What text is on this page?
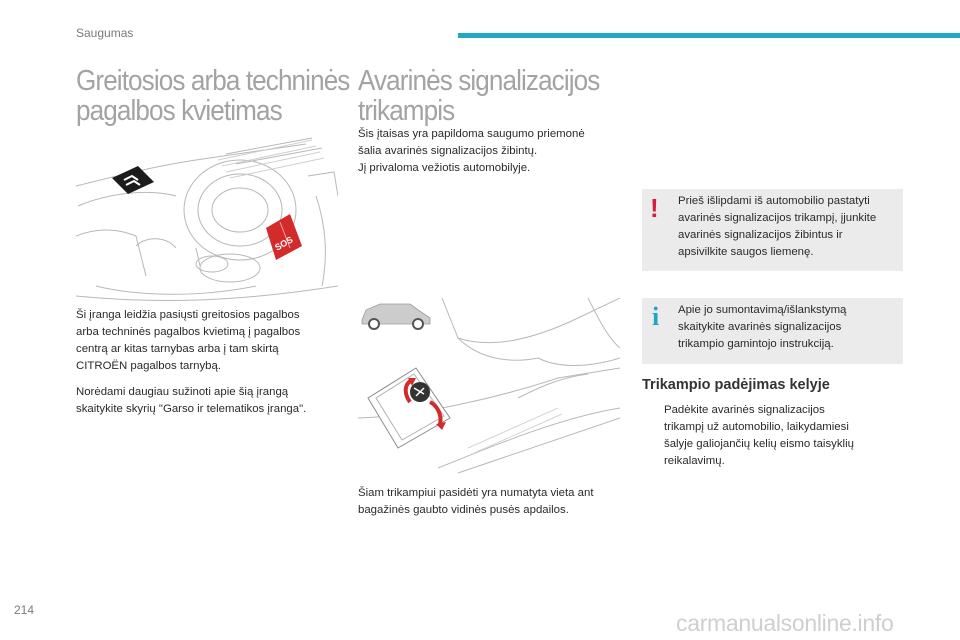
Saugumas
Greitosios arba techninės
pagalbos kvietimas
SOS
Ši įranga leidžia pasiųsti greitosios pagalbos
arba techninės pagalbos kvietimą į pagalbos
centrą ar kitas tarnybas arba į tam skirtą
CITROËN pagalbos tarnybą.
Norėdami daugiau sužinoti apie šią įrangą
skaitykite skyrių "Garso ir telematikos įranga".
Avarinės signalizacijos
trikampis
Šis įtaisas yra papildoma saugumo priemonė
šalia avarinės signalizacijos žibintų.
Jį privaloma vežiotis automobilyje.
Šiam trikampiui pasidėti yra numatyta vieta ant
bagažinės gaubto vidinės pusės apdailos.
! Prieš išlipdami iš automobilio pastatyti
avarinės signalizacijos trikampį, įjunkite
avarinės signalizacijos žibintus ir
apsivilkite saugos liemenę.
i Apie jo sumontavimą/išlankstymą
skaitykite avarinės signalizacijos
trikampio gamintojo instrukciją.
Trikampio padėjimas kelyje
Padėkite avarinės signalizacijos
trikampį už automobilio, laikydamiesi
šalyje galiojančių kelių eismo taisyklių
reikalavimų.
214	carmanualsonline.info
